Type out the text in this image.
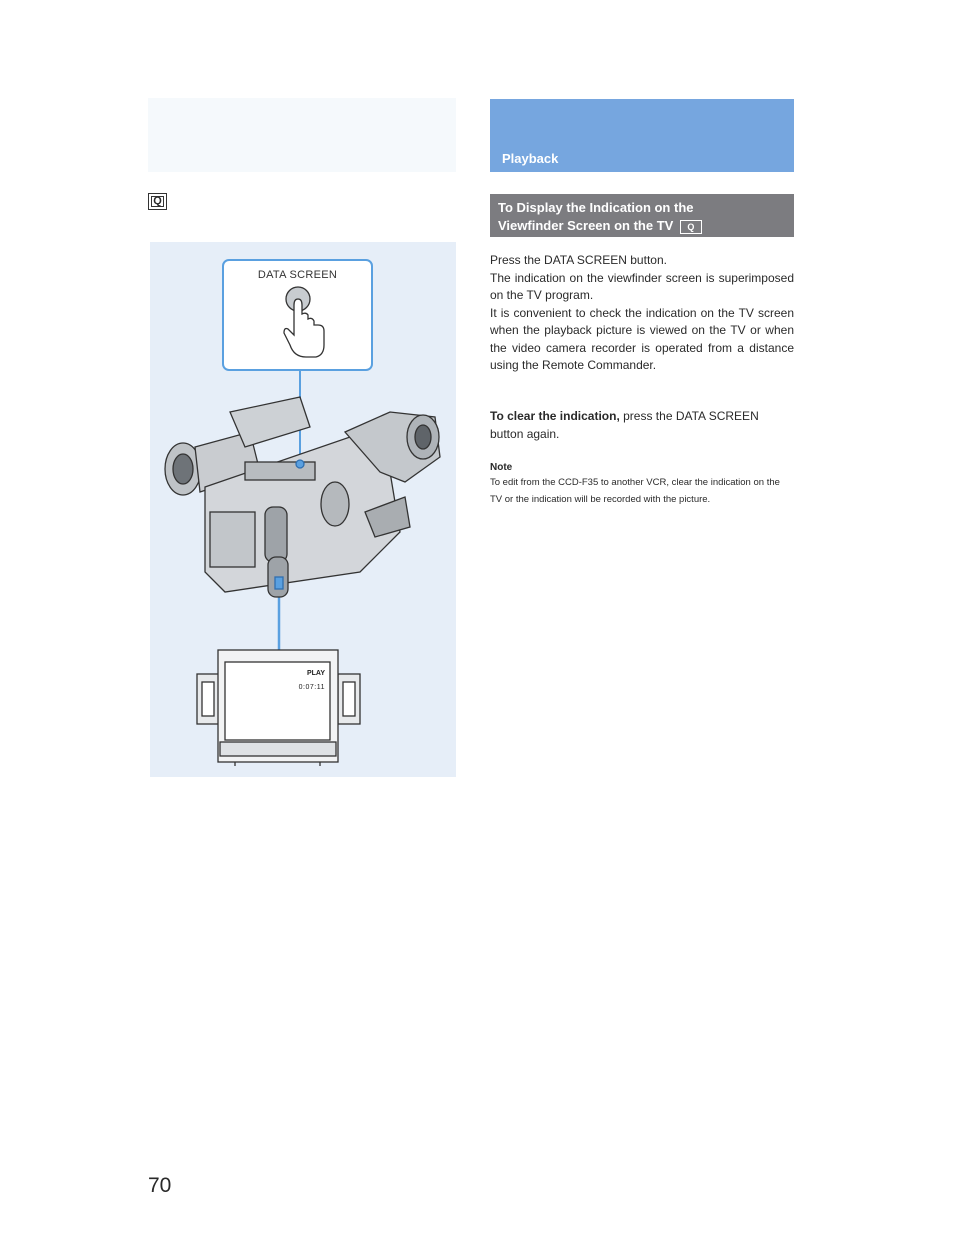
Playback
Q
DATA SCREEN
PLAY
0:07:11
To Display the Indication on the
Viewfinder Screen on the TV Q

Press the DATA SCREEN button.

The indication on the viewfinder screen is superimposed on the TV program.

It is convenient to check the indication on the TV screen when the playback picture is viewed on the TV or when the video camera recorder is operated from a distance using the Remote Commander.

To clear the indication, press the DATA SCREEN button again.
Note
To edit from the CCD-F35 to another VCR, clear the indication on the TV or the indication will be recorded with the picture.
70
